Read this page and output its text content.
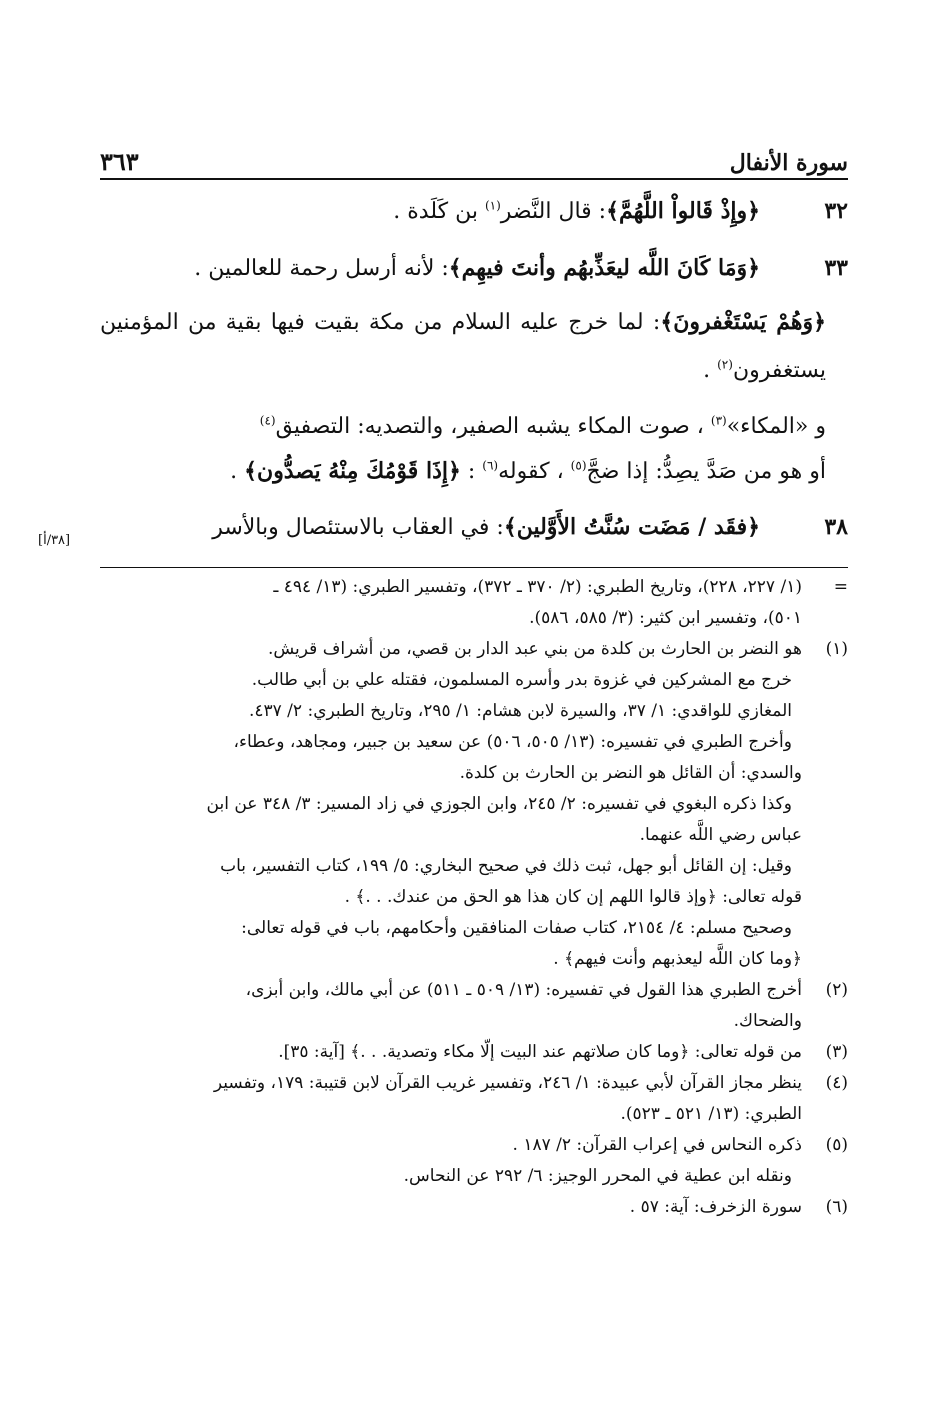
سورة الأنفال
٣٦٣
٣٢
﴿وإِذْ قَالواْ اللَّهُمَّ﴾: قال النَّضر$^{(١)}$ بن كَلَدة .
٣٣
﴿وَمَا كَانَ اللَّه ليعَذِّبهُم وأنتَ فيهِم﴾: لأنه أرسل رحمة للعالمين .
﴿وَهُمْ يَسْتَغْفرونَ﴾: لما خرج عليه السلام من مكة بقيت فيها بقية من المؤمنين يستغفرون$^{(٢)}$ .
و «المكاء»$^{(٣)}$ ، صوت المكاء يشبه الصفير، والتصديه: التصفيق$^{(٤)}$
أو هو من صَدَّ يصِدُّ: إذا ضجَّ$^{(٥)}$ ، كقوله$^{(٦)}$ : ﴿إِذَا قَوْمُكَ مِنْهُ يَصدُّون﴾ .
٣٨
﴿فقَد / مَضَت سُنَّتُ الأَوَّلين﴾: في العقاب بالاستئصال وبالأسر
[٣٨/أ]
=
(١/ ٢٢٧، ٢٢٨)، وتاريخ الطبري: (٢/ ٣٧٠ ـ ٣٧٢)، وتفسير الطبري: (١٣/ ٤٩٤ ـ
٥٠١)، وتفسير ابن كثير: (٣/ ٥٨٥، ٥٨٦).
(١)
هو النضر بن الحارث بن كلدة من بني عبد الدار بن قصي، من أشراف قريش.
خرج مع المشركين في غزوة بدر وأسره المسلمون، فقتله علي بن أبي طالب.
المغازي للواقدي: ١/ ٣٧، والسيرة لابن هشام: ١/ ٢٩٥، وتاريخ الطبري: ٢/ ٤٣٧.
وأخرج الطبري في تفسيره: (١٣/ ٥٠٥، ٥٠٦) عن سعيد بن جبير، ومجاهد، وعطاء،
والسدي: أن القائل هو النضر بن الحارث بن كلدة.
وكذا ذكره البغوي في تفسيره: ٢/ ٢٤٥، وابن الجوزي في زاد المسير: ٣/ ٣٤٨ عن ابن
عباس رضي اللَّه عنهما.
وقيل: إن القائل أبو جهل، ثبت ذلك في صحيح البخاري: ٥/ ١٩٩، كتاب التفسير، باب
قوله تعالى: ﴿وإذ قالوا اللهم إن كان هذا هو الحق من عندك. . .﴾ .
وصحيح مسلم: ٤/ ٢١٥٤، كتاب صفات المنافقين وأحكامهم، باب في قوله تعالى:
﴿وما كان اللَّه ليعذبهم وأنت فيهم﴾ .
(٢)
أخرج الطبري هذا القول في تفسيره: (١٣/ ٥٠٩ ـ ٥١١) عن أبي مالك، وابن أبزى،
والضحاك.
(٣)
من قوله تعالى: ﴿وما كان صلاتهم عند البيت إلّا مكاء وتصدية. . .﴾ [آية: ٣٥].
(٤)
ينظر مجاز القرآن لأبي عبيدة: ١/ ٢٤٦، وتفسير غريب القرآن لابن قتيبة: ١٧٩، وتفسير
الطبري: (١٣/ ٥٢١ ـ ٥٢٣).
(٥)
ذكره النحاس في إعراب القرآن: ٢/ ١٨٧ .
ونقله ابن عطية في المحرر الوجيز: ٦/ ٢٩٢ عن النحاس.
(٦)
سورة الزخرف: آية: ٥٧ .
